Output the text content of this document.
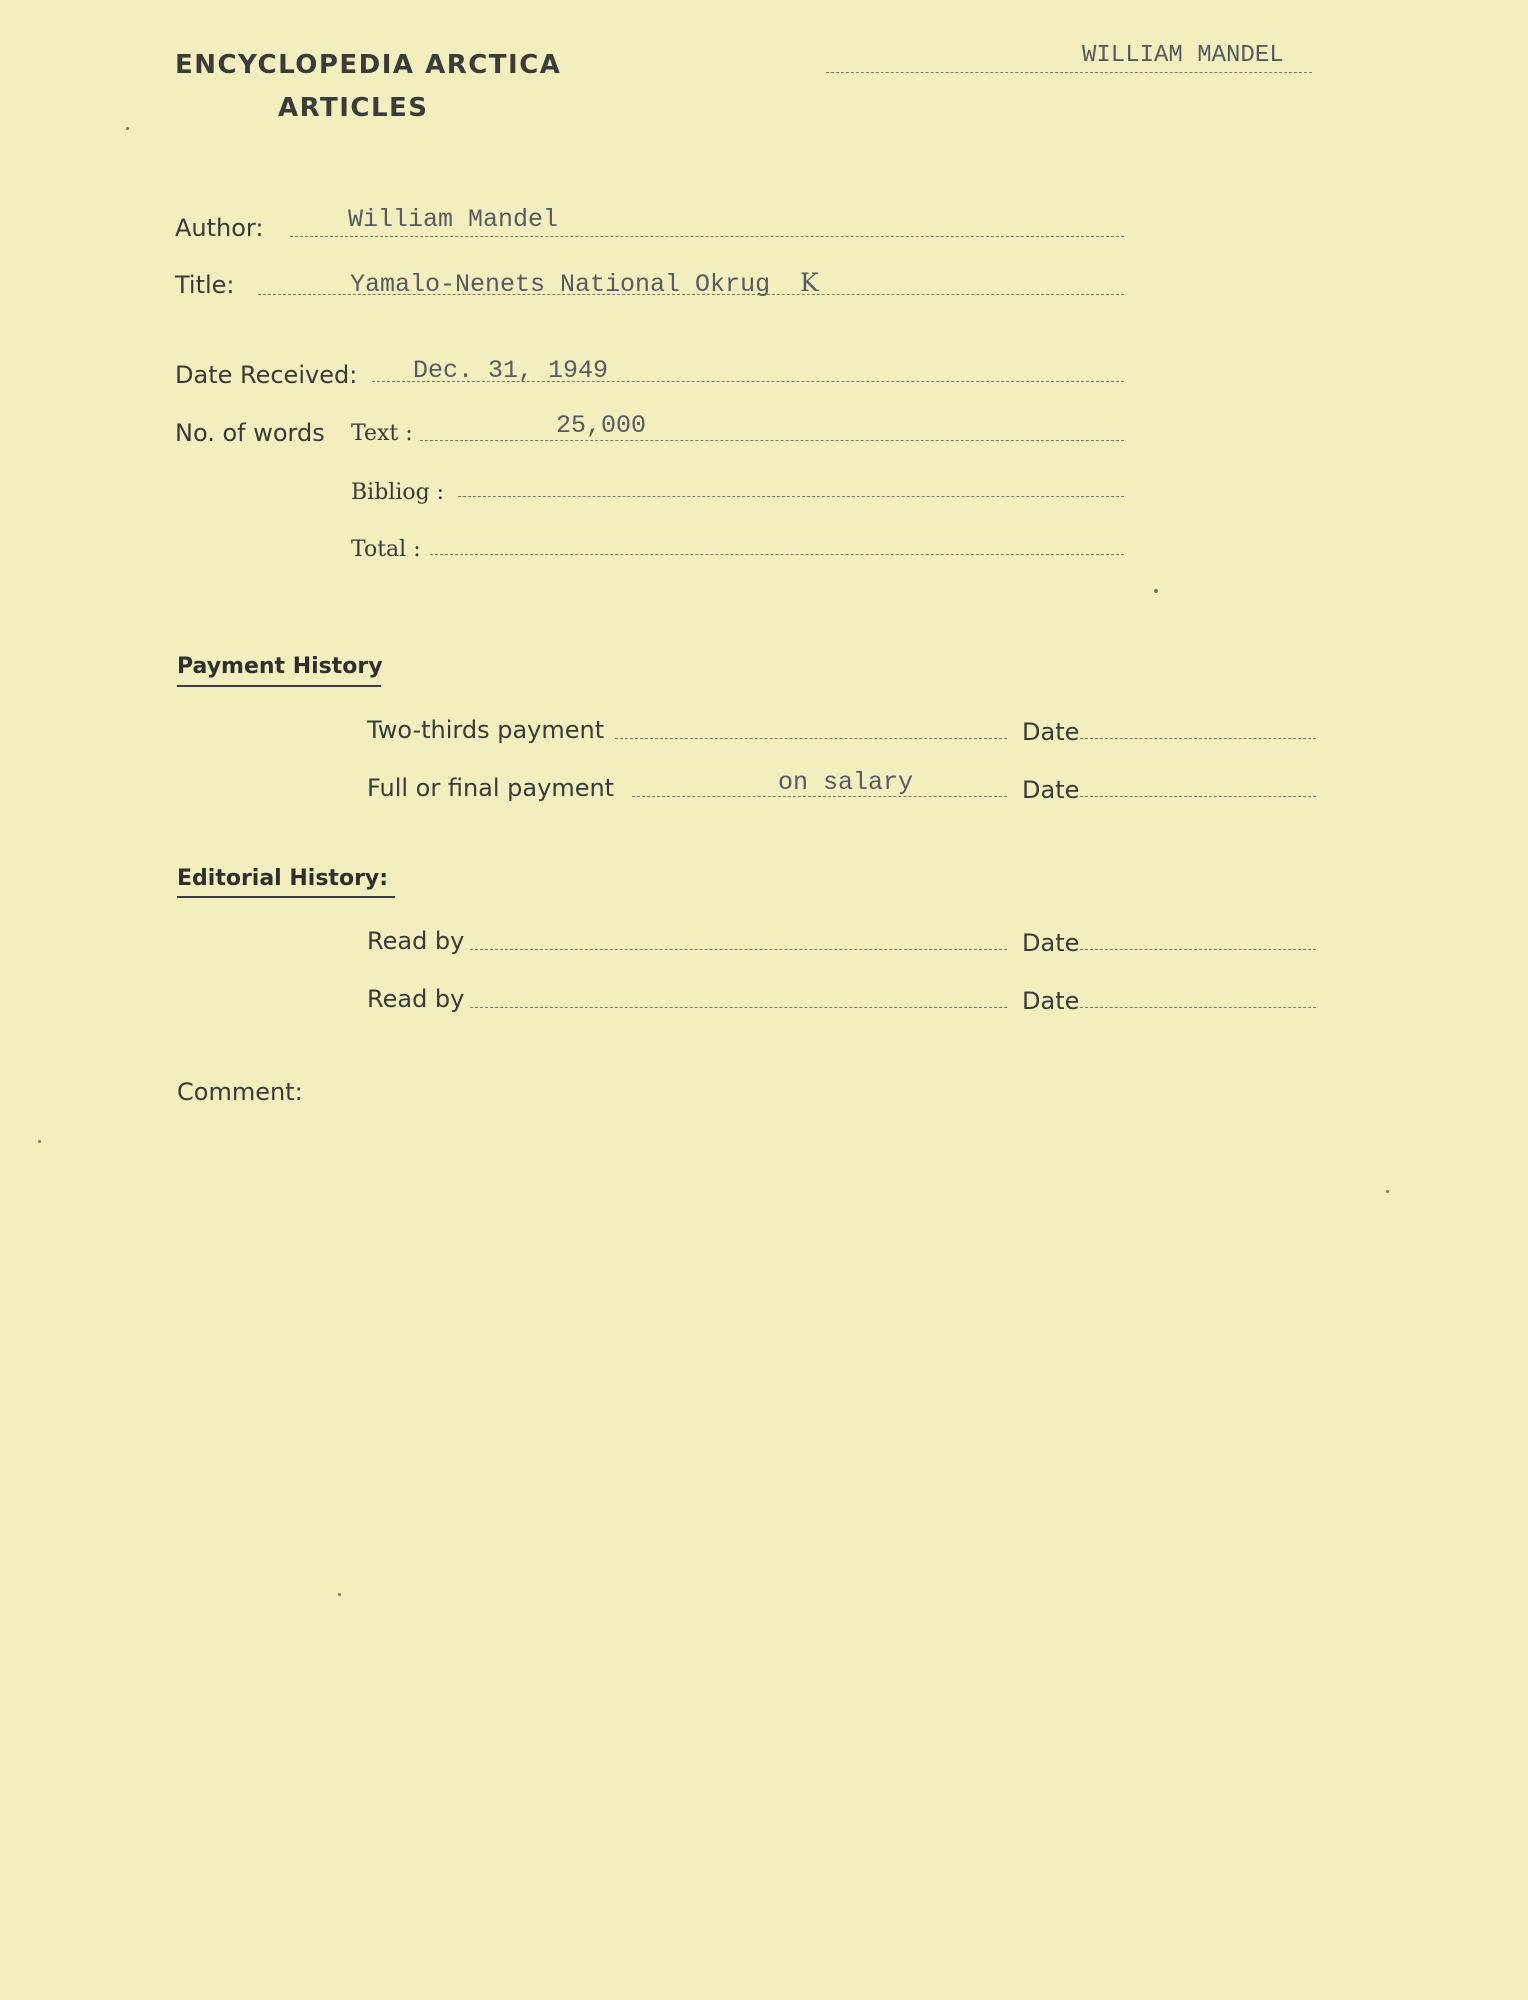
ENCYCLOPEDIA ARCTICA
ARTICLES
WILLIAM MANDEL
Author:	William Mandel
Title:	Yamalo-Nenets National Okrug K
Date Received: Dec. 31, 1949
No. of words Text :	25,000
Bibliog :
Total :
Payment History
Two-thirds payment	Date
Full or final payment	on salary	Date
Editorial History:
Read by	Date
Read by	Date
Comment:
